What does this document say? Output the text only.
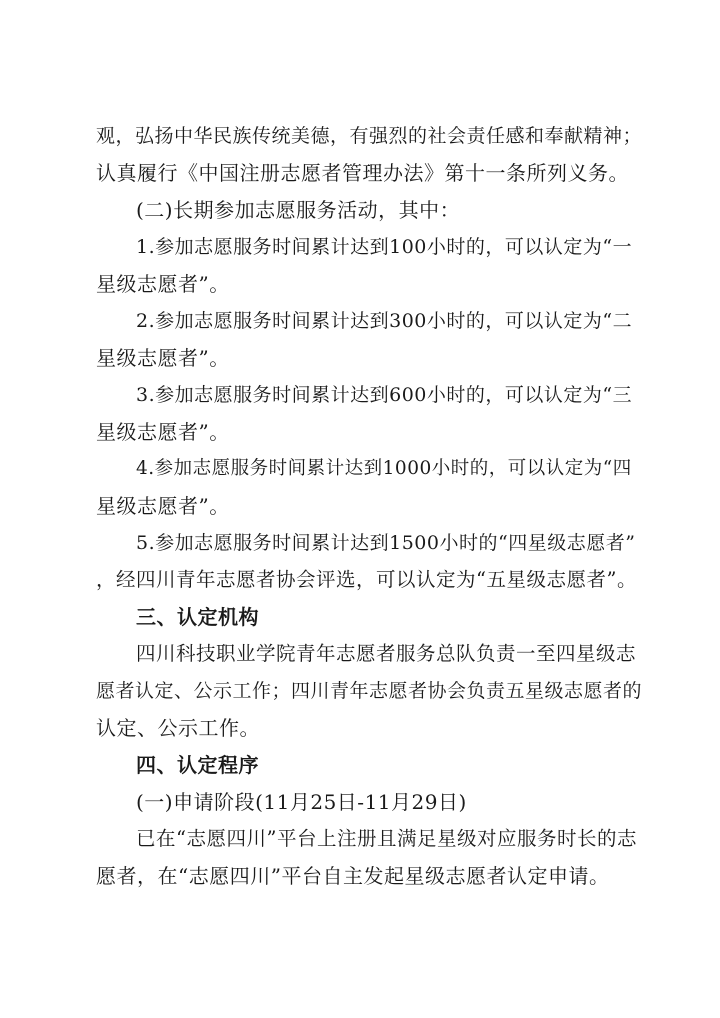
观，弘扬中华民族传统美德，有强烈的社会责任感和奉献精神；
认真履行《中国注册志愿者管理办法》第十一条所列义务。
(二)长期参加志愿服务活动，其中：
1.参加志愿服务时间累计达到100小时的，可以认定为“一
星级志愿者”。
2.参加志愿服务时间累计达到300小时的，可以认定为“二
星级志愿者”。
3.参加志愿服务时间累计达到600小时的，可以认定为“三
星级志愿者”。
4.参加志愿服务时间累计达到1000小时的，可以认定为“四
星级志愿者”。
5.参加志愿服务时间累计达到1500小时的“四星级志愿者”
，经四川青年志愿者协会评选，可以认定为“五星级志愿者”。
三、认定机构
四川科技职业学院青年志愿者服务总队负责一至四星级志
愿者认定、公示工作；四川青年志愿者协会负责五星级志愿者的
认定、公示工作。
四、认定程序
(一)申请阶段(11月25日-11月29日)
已在“志愿四川”平台上注册且满足星级对应服务时长的志
愿者，在“志愿四川”平台自主发起星级志愿者认定申请。
